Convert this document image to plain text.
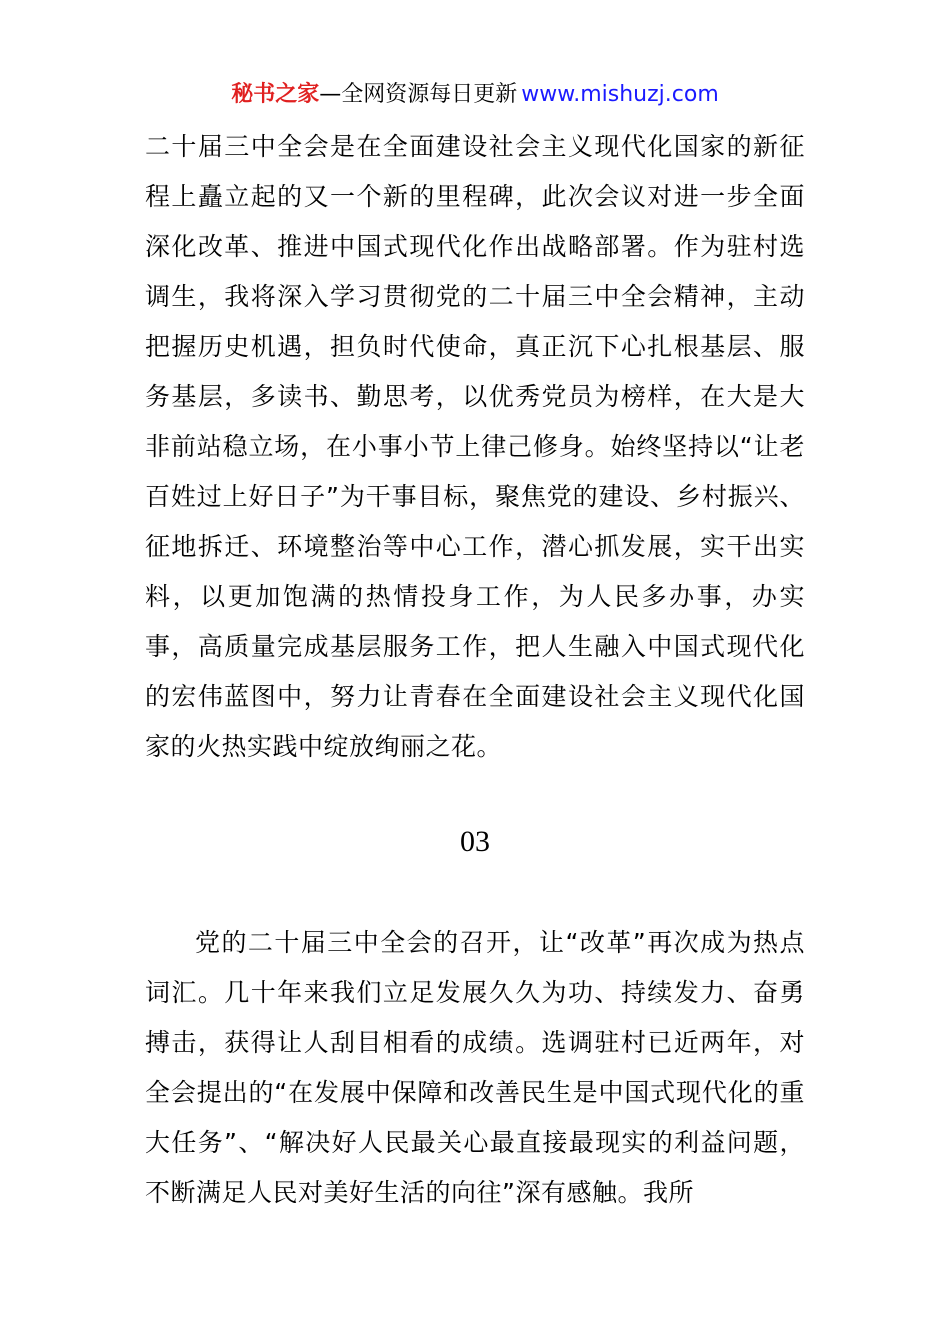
秘书之家—全网资源每日更新 www.mishuzj.com

二十届三中全会是在全面建设社会主义现代化国家的新征程上矗立起的又一个新的里程碑，此次会议对进一步全面深化改革、推进中国式现代化作出战略部署。作为驻村选调生，我将深入学习贯彻党的二十届三中全会精神，主动把握历史机遇，担负时代使命，真正沉下心扎根基层、服务基层，多读书、勤思考，以优秀党员为榜样，在大是大非前站稳立场，在小事小节上律己修身。始终坚持以“让老百姓过上好日子”为干事目标，聚焦党的建设、乡村振兴、征地拆迁、环境整治等中心工作，潜心抓发展，实干出实料，以更加饱满的热情投身工作，为人民多办事，办实事，高质量完成基层服务工作，把人生融入中国式现代化的宏伟蓝图中，努力让青春在全面建设社会主义现代化国家的火热实践中绽放绚丽之花。

03

党的二十届三中全会的召开，让“改革”再次成为热点词汇。几十年来我们立足发展久久为功、持续发力、奋勇搏击，获得让人刮目相看的成绩。选调驻村已近两年，对全会提出的“在发展中保障和改善民生是中国式现代化的重大任务”、“解决好人民最关心最直接最现实的利益问题，不断满足人民对美好生活的向往”深有感触。我所
